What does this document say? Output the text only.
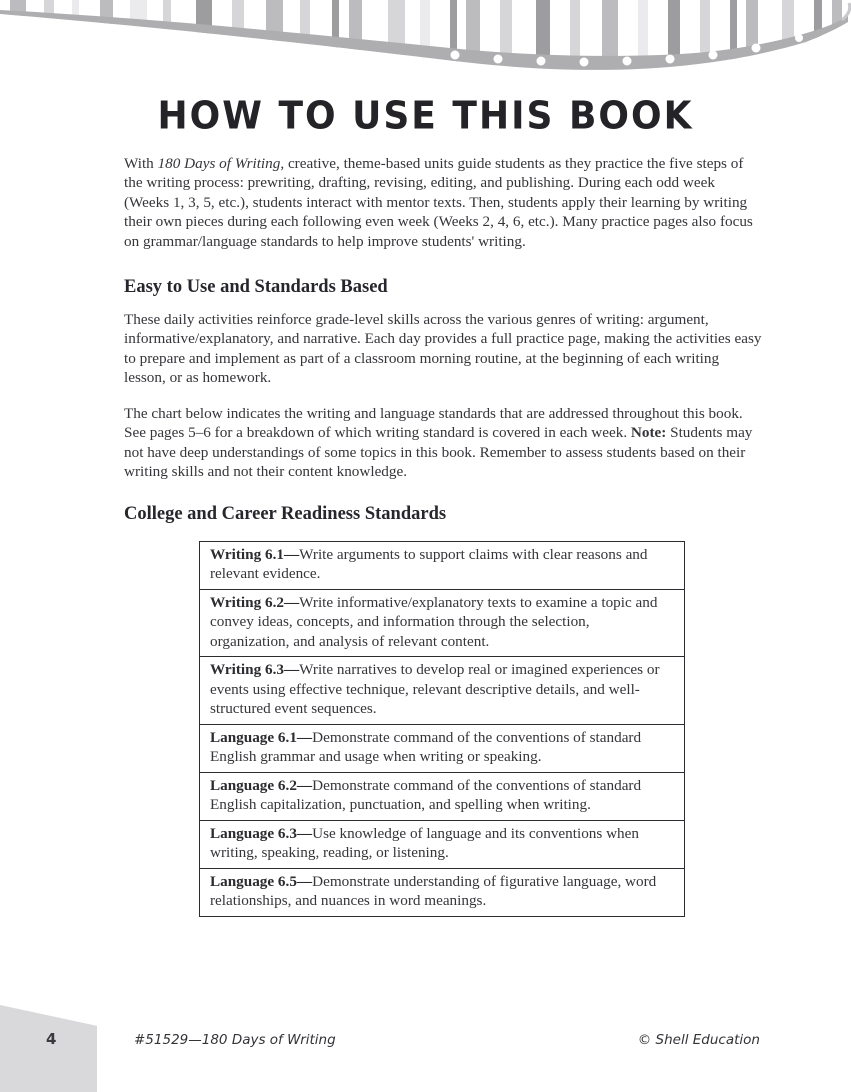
HOW TO USE THIS BOOK

With 180 Days of Writing, creative, theme-based units guide students as they practice the five steps of the writing process: prewriting, drafting, revising, editing, and publishing. During each odd week (Weeks 1, 3, 5, etc.), students interact with mentor texts. Then, students apply their learning by writing their own pieces during each following even week (Weeks 2, 4, 6, etc.). Many practice pages also focus on grammar/language standards to help improve students' writing.

Easy to Use and Standards Based

These daily activities reinforce grade-level skills across the various genres of writing: argument, informative/explanatory, and narrative. Each day provides a full practice page, making the activities easy to prepare and implement as part of a classroom morning routine, at the beginning of each writing lesson, or as homework.

The chart below indicates the writing and language standards that are addressed throughout this book. See pages 5–6 for a breakdown of which writing standard is covered in each week. Note: Students may not have deep understandings of some topics in this book. Remember to assess students based on their writing skills and not their content knowledge.

College and Career Readiness Standards
Writing 6.1—Write arguments to support claims with clear reasons and relevant evidence.
Writing 6.2—Write informative/explanatory texts to examine a topic and convey ideas, concepts, and information through the selection, organization, and analysis of relevant content.
Writing 6.3—Write narratives to develop real or imagined experiences or events using effective technique, relevant descriptive details, and well-structured event sequences.
Language 6.1—Demonstrate command of the conventions of standard English grammar and usage when writing or speaking.
Language 6.2—Demonstrate command of the conventions of standard English capitalization, punctuation, and spelling when writing.
Language 6.3—Use knowledge of language and its conventions when writing, speaking, reading, or listening.
Language 6.5—Demonstrate understanding of figurative language, word relationships, and nuances in word meanings.
4	#51529—180 Days of Writing	© Shell Education
